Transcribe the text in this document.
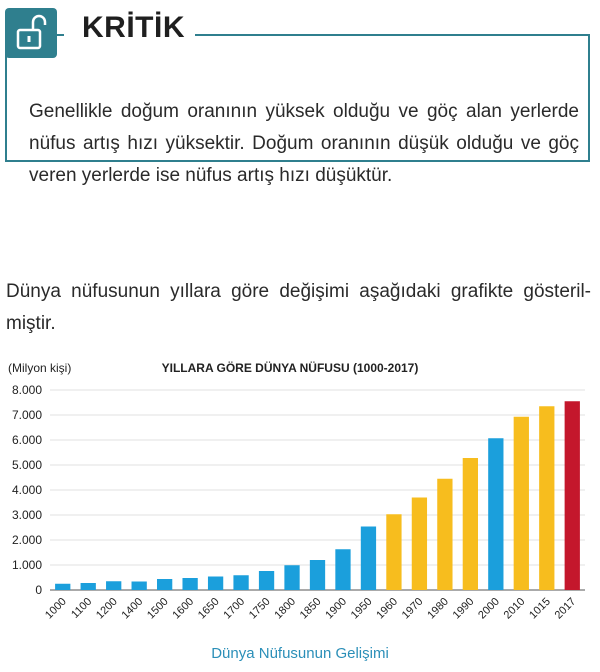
Genellikle doğum oranının yüksek olduğu ve göç alan yerlerde nüfus artış hızı yüksektir. Doğum oranının düşük olduğu ve göç veren yerlerde ise nüfus artış hızı düşüktür.
KRİTİK
Dünya nüfusunun yıllara göre değişimi aşağıdaki grafikte gösteril-miştir.
0
1.000
2.000
3.000
4.000
5.000
6.000
7.000
8.000
1000 1100 1200 1400 1500 1600 1650 1700 1750 1800 1850 1900 1950 1960 1970 1980 1990 2000 2010 1015 2017
(Milyon kişi)	YILLARA GÖRE DÜNYA NÜFUSU (1000-2017)
Dünya Nüfusunun Gelişimi
